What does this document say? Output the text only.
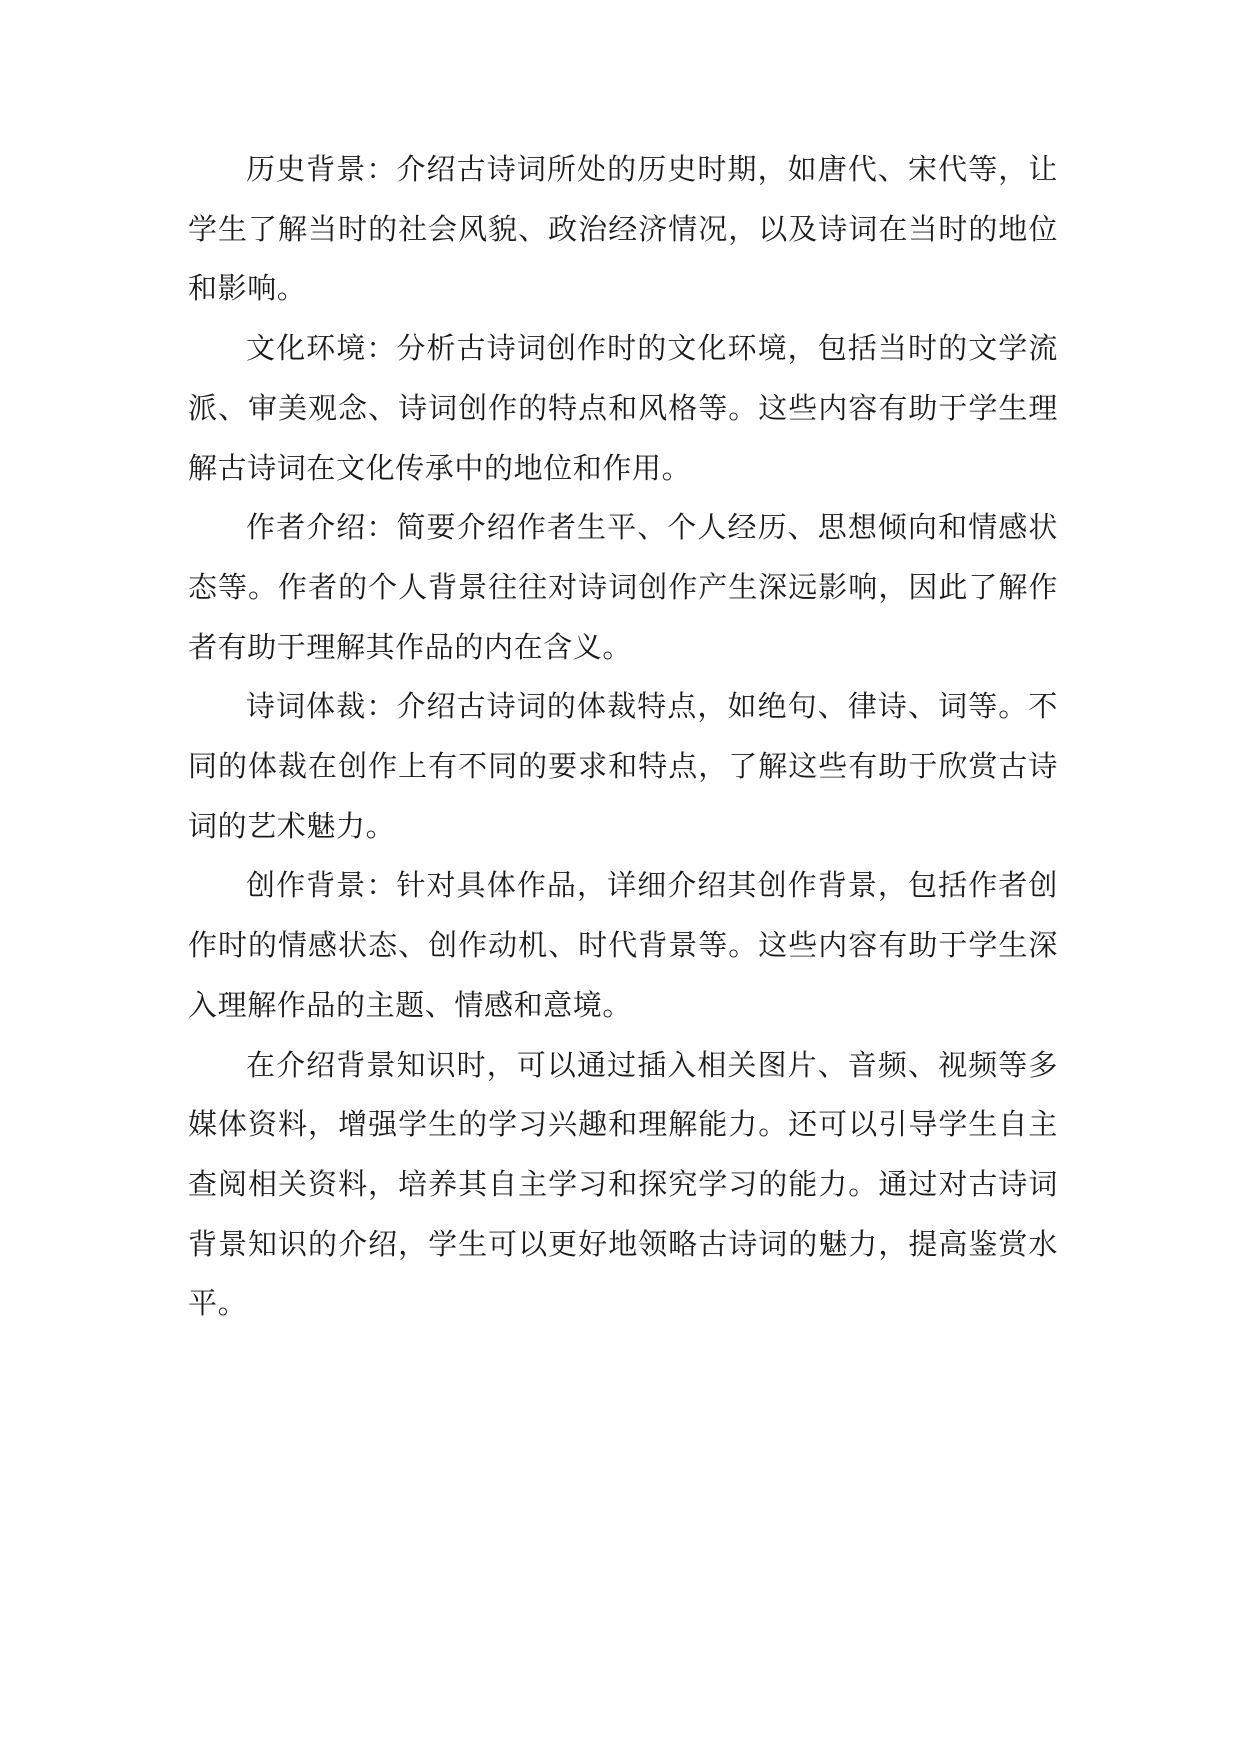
历史背景：介绍古诗词所处的历史时期，如唐代、宋代等，让学生了解当时的社会风貌、政治经济情况，以及诗词在当时的地位和影响。

文化环境：分析古诗词创作时的文化环境，包括当时的文学流派、审美观念、诗词创作的特点和风格等。这些内容有助于学生理解古诗词在文化传承中的地位和作用。

作者介绍：简要介绍作者生平、个人经历、思想倾向和情感状态等。作者的个人背景往往对诗词创作产生深远影响，因此了解作者有助于理解其作品的内在含义。

诗词体裁：介绍古诗词的体裁特点，如绝句、律诗、词等。不同的体裁在创作上有不同的要求和特点，了解这些有助于欣赏古诗词的艺术魅力。

创作背景：针对具体作品，详细介绍其创作背景，包括作者创作时的情感状态、创作动机、时代背景等。这些内容有助于学生深入理解作品的主题、情感和意境。

在介绍背景知识时，可以通过插入相关图片、音频、视频等多媒体资料，增强学生的学习兴趣和理解能力。还可以引导学生自主查阅相关资料，培养其自主学习和探究学习的能力。通过对古诗词背景知识的介绍，学生可以更好地领略古诗词的魅力，提高鉴赏水平。
